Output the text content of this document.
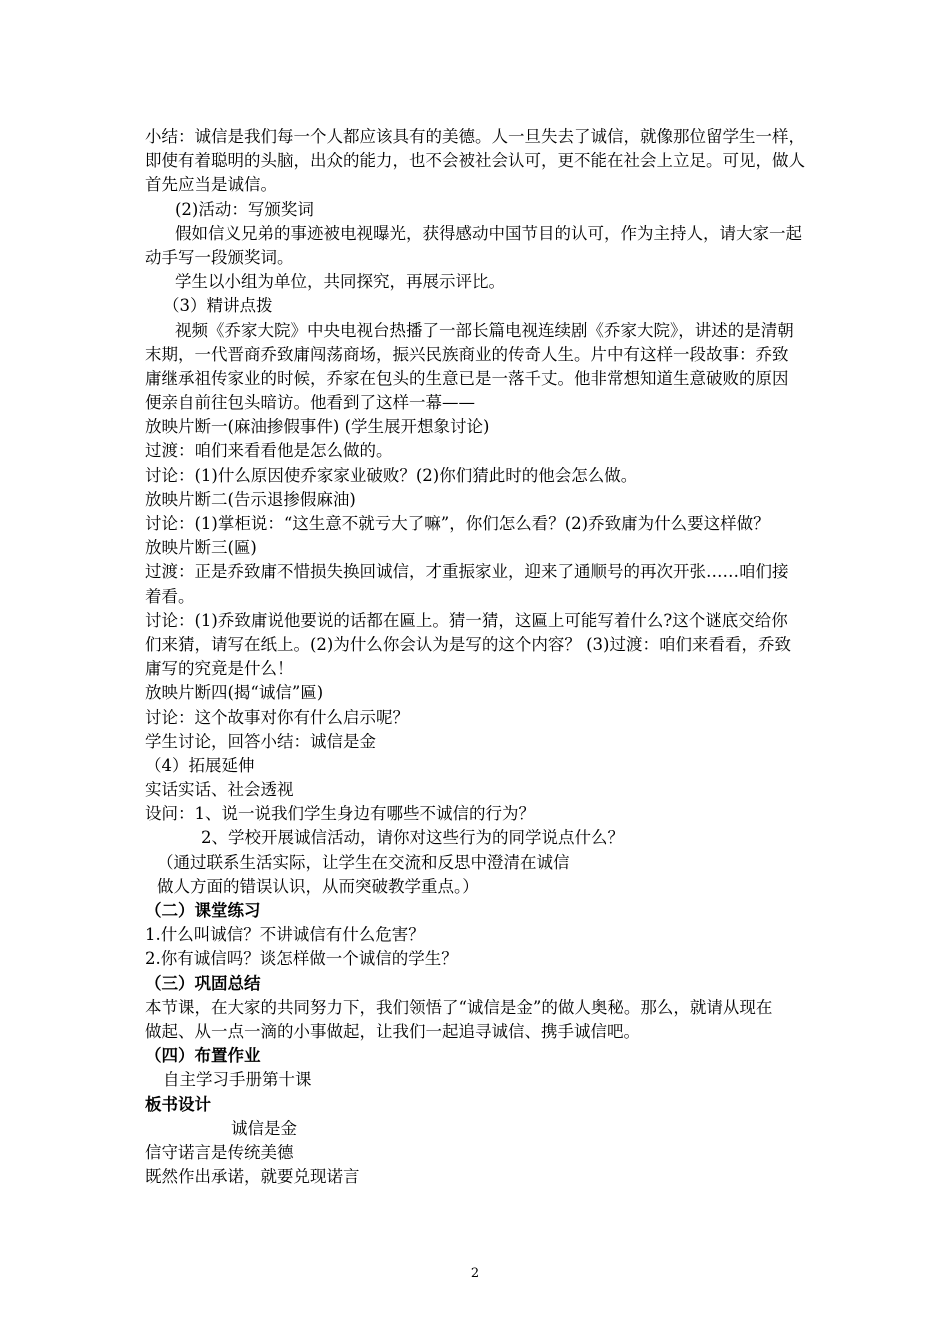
小结：诚信是我们每一个人都应该具有的美德。人一旦失去了诚信，就像那位留学生一样，
即使有着聪明的头脑，出众的能力，也不会被社会认可，更不能在社会上立足。可见，做人
首先应当是诚信。
(2)活动：写颁奖词
假如信义兄弟的事迹被电视曝光，获得感动中国节目的认可，作为主持人，请大家一起
动手写一段颁奖词。
学生以小组为单位，共同探究，再展示评比。
（3）精讲点拨
视频《乔家大院》中央电视台热播了一部长篇电视连续剧《乔家大院》，讲述的是清朝
末期，一代晋商乔致庸闯荡商场，振兴民族商业的传奇人生。片中有这样一段故事：乔致
庸继承祖传家业的时候，乔家在包头的生意已是一落千丈。他非常想知道生意破败的原因
便亲自前往包头暗访。他看到了这样一幕——
放映片断一(麻油掺假事件) (学生展开想象讨论)
过渡：咱们来看看他是怎么做的。
讨论：(1)什么原因使乔家家业破败？(2)你们猜此时的他会怎么做。
放映片断二(告示退掺假麻油)
讨论：(1)掌柜说：“这生意不就亏大了嘛”，你们怎么看？(2)乔致庸为什么要这样做？
放映片断三(匾)
过渡：正是乔致庸不惜损失换回诚信，才重振家业，迎来了通顺号的再次开张……咱们接
着看。
讨论：(1)乔致庸说他要说的话都在匾上。猜一猜，这匾上可能写着什么?这个谜底交给你
们来猜，请写在纸上。(2)为什么你会认为是写的这个内容？ (3)过渡：咱们来看看，乔致
庸写的究竟是什么！
放映片断四(揭“诚信”匾)
讨论：这个故事对你有什么启示呢？
学生讨论，回答小结：诚信是金
（4）拓展延伸
实话实话、社会透视
设问：1、说一说我们学生身边有哪些不诚信的行为？
2、学校开展诚信活动，请你对这些行为的同学说点什么？
（通过联系生活实际，让学生在交流和反思中澄清在诚信
做人方面的错误认识，从而突破教学重点。）
（二）课堂练习
1.什么叫诚信？不讲诚信有什么危害？
2.你有诚信吗？谈怎样做一个诚信的学生？
（三）巩固总结
本节课，在大家的共同努力下，我们领悟了“诚信是金”的做人奥秘。那么，就请从现在
做起、从一点一滴的小事做起，让我们一起追寻诚信、携手诚信吧。
（四）布置作业
自主学习手册第十课
板书设计
诚信是金
信守诺言是传统美德
既然作出承诺，就要兑现诺言
2
